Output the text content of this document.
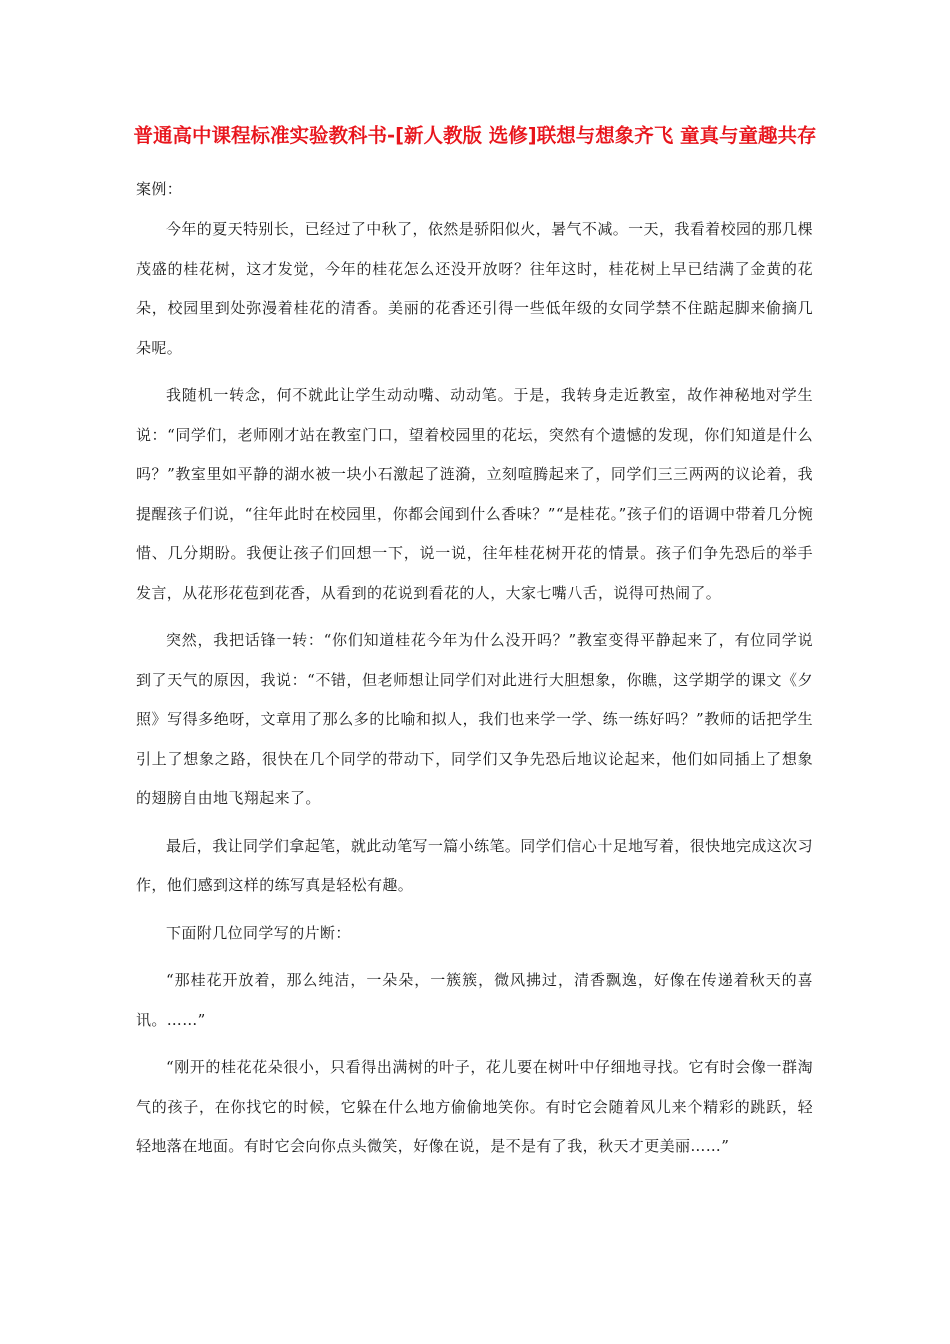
普通高中课程标准实验教科书-[新人教版 选修]联想与想象齐飞 童真与童趣共存

案例：

今年的夏天特别长，已经过了中秋了，依然是骄阳似火，暑气不减。一天，我看着校园的那几棵茂盛的桂花树，这才发觉，今年的桂花怎么还没开放呀？往年这时，桂花树上早已结满了金黄的花朵，校园里到处弥漫着桂花的清香。美丽的花香还引得一些低年级的女同学禁不住踮起脚来偷摘几朵呢。

我随机一转念，何不就此让学生动动嘴、动动笔。于是，我转身走近教室，故作神秘地对学生说：“同学们，老师刚才站在教室门口，望着校园里的花坛，突然有个遗憾的发现，你们知道是什么吗？”教室里如平静的湖水被一块小石激起了涟漪，立刻喧腾起来了，同学们三三两两的议论着，我提醒孩子们说，“往年此时在校园里，你都会闻到什么香味？”“是桂花。”孩子们的语调中带着几分惋惜、几分期盼。我便让孩子们回想一下，说一说，往年桂花树开花的情景。孩子们争先恐后的举手发言，从花形花苞到花香，从看到的花说到看花的人，大家七嘴八舌，说得可热闹了。

突然，我把话锋一转：“你们知道桂花今年为什么没开吗？”教室变得平静起来了，有位同学说到了天气的原因，我说：“不错，但老师想让同学们对此进行大胆想象，你瞧，这学期学的课文《夕照》写得多绝呀，文章用了那么多的比喻和拟人，我们也来学一学、练一练好吗？”教师的话把学生引上了想象之路，很快在几个同学的带动下，同学们又争先恐后地议论起来，他们如同插上了想象的翅膀自由地飞翔起来了。

最后，我让同学们拿起笔，就此动笔写一篇小练笔。同学们信心十足地写着，很快地完成这次习作，他们感到这样的练写真是轻松有趣。

下面附几位同学写的片断：

“那桂花开放着，那么纯洁，一朵朵，一簇簇，微风拂过，清香飘逸，好像在传递着秋天的喜讯。……”

“刚开的桂花花朵很小，只看得出满树的叶子，花儿要在树叶中仔细地寻找。它有时会像一群淘气的孩子，在你找它的时候，它躲在什么地方偷偷地笑你。有时它会随着风儿来个精彩的跳跃，轻轻地落在地面。有时它会向你点头微笑，好像在说，是不是有了我，秋天才更美丽……”
